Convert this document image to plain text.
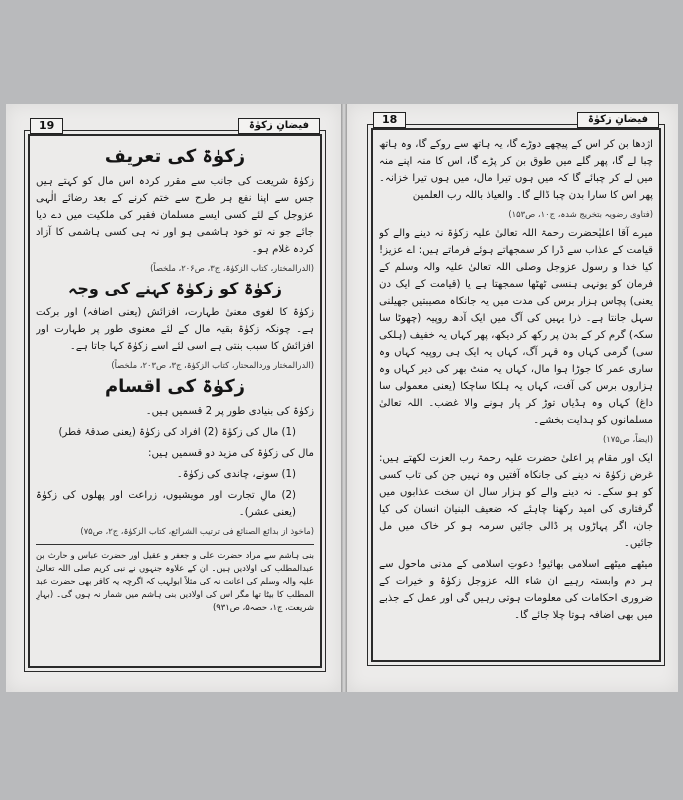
19	فیضانِ زکوٰۃ
زکوٰۃ کی تعریف

زکوٰۃ شریعت کی جانب سے مقرر کردہ اس مال کو کہتے ہیں جس سے اپنا نفع ہر طرح سے ختم کرنے کے بعد رضائے الٰہی عزوجل کے لئے کسی ایسے مسلمان فقیر کی ملکیت میں دے دیا جائے جو نہ تو خود ہاشمی ہو اور نہ ہی کسی ہاشمی کا آزاد کردہ غلام ہو۔

(الدرالمختار، کتاب الزکوٰۃ، ج۳، ص۲۰۶، ملخصاً)

زکوٰۃ کو زکوٰۃ کہنے کی وجہ

زکوٰۃ کا لغوی معنیٰ طہارت، افزائش (یعنی اضافہ) اور برکت ہے۔ چونکہ زکوٰۃ بقیہ مال کے لئے معنوی طور پر طہارت اور افزائش کا سبب بنتی ہے اسی لئے اسے زکوٰۃ کہا جاتا ہے۔

(الدرالمختار وردالمحتار، کتاب الزکوٰۃ، ج۳، ص۲۰۳، ملخصاً)

زکوٰۃ کی اقسام

زکوٰۃ کی بنیادی طور پر 2 قسمیں ہیں۔

(1) مال کی زکوٰۃ (2) افراد کی زکوٰۃ (یعنی صدقۂ فطر)

مال کی زکوٰۃ کی مزید دو قسمیں ہیں:

(1) سونے، چاندی کی زکوٰۃ۔

(2) مالِ تجارت اور مویشیوں، زراعت اور پھلوں کی زکوٰۃ (یعنی عشر)۔

(ماخوذ از بدائع الصنائع فی ترتیب الشرائع، کتاب الزکوٰۃ، ج۲، ص۷۵)

بنی ہاشم سے مراد حضرت علی و جعفر و عقیل اور حضرت عباس و حارث بن عبدالمطلب کی اولادیں ہیں۔ ان کے علاوہ جنہوں نے نبی کریم صلی اللہ تعالیٰ علیہ والہ وسلم کی اعانت نہ کی مثلاً ابولہب کہ اگرچہ یہ کافر بھی حضرت عبد المطلب کا بیٹا تھا مگر اس کی اولادیں بنی ہاشم میں شمار نہ ہوں گی۔ (بہارِ شریعت، ج۱، حصہ۵، ص۹۳۱)

18	فیضانِ زکوٰۃ

اژدھا بن کر اس کے پیچھے دوڑے گا، یہ ہاتھ سے روکے گا، وہ ہاتھ چبا لے گا، پھر گلے میں طوق بن کر پڑے گا، اس کا منہ اپنے منہ میں لے کر چبائے گا کہ میں ہوں تیرا مال، میں ہوں تیرا خزانہ۔ پھر اس کا سارا بدن چبا ڈالے گا۔ والعیاذ باللہ رب العلمین

(فتاوی رضویہ بتخریج شدہ، ج۱۰، ص۱۵۳)

میرے آقا اعلیٰحضرت رحمۃ اللہ تعالیٰ علیہ زکوٰۃ نہ دینے والے کو قیامت کے عذاب سے ڈرا کر سمجھاتے ہوئے فرماتے ہیں: اے عزیز! کیا خدا و رسول عزوجل وصلی اللہ تعالیٰ علیہ والہ وسلم کے فرمان کو یونہی ہنسی ٹھٹھا سمجھتا ہے یا (قیامت کے ایک دن یعنی) پچاس ہزار برس کی مدت میں یہ جانکاہ مصیبتیں جھیلنی سہل جانتا ہے۔ ذرا یہیں کی آگ میں ایک آدھ روپیہ (چھوٹا سا سکہ) گرم کر کے بدن پر رکھ کر دیکھ، پھر کہاں یہ خفیف (ہلکی سی) گرمی کہاں وہ قہر آگ، کہاں یہ ایک ہی روپیہ کہاں وہ ساری عمر کا جوڑا ہوا مال، کہاں یہ منٹ بھر کی دیر کہاں وہ ہزاروں برس کی آفت، کہاں یہ ہلکا ساچکا (یعنی معمولی سا داغ) کہاں وہ ہڈیاں توڑ کر پار ہونے والا غضب۔ اللہ تعالیٰ مسلمانوں کو ہدایت بخشے۔

(ایضاً، ص۱۷۵)

ایک اور مقام پر اعلیٰ حضرت علیہ رحمۃ رب العزت لکھتے ہیں: غرض زکوٰۃ نہ دینے کی جانکاہ آفتیں وہ نہیں جن کی تاب کسی کو ہو سکے۔ نہ دینے والے کو ہزار سال ان سخت عذابوں میں گرفتاری کی امید رکھنا چاہئے کہ ضعیف البنیان انسان کی کیا جان، اگر پہاڑوں پر ڈالی جائیں سرمہ ہو کر خاک میں مل جائیں۔

میٹھے میٹھے اسلامی بھائیو! دعوتِ اسلامی کے مدنی ماحول سے ہر دم وابستہ رہیے ان شاء اللہ عزوجل زکوٰۃ و خیرات کے ضروری احکامات کی معلومات ہوتی رہیں گی اور عمل کے جذبے میں بھی اضافہ ہوتا چلا جائے گا۔
